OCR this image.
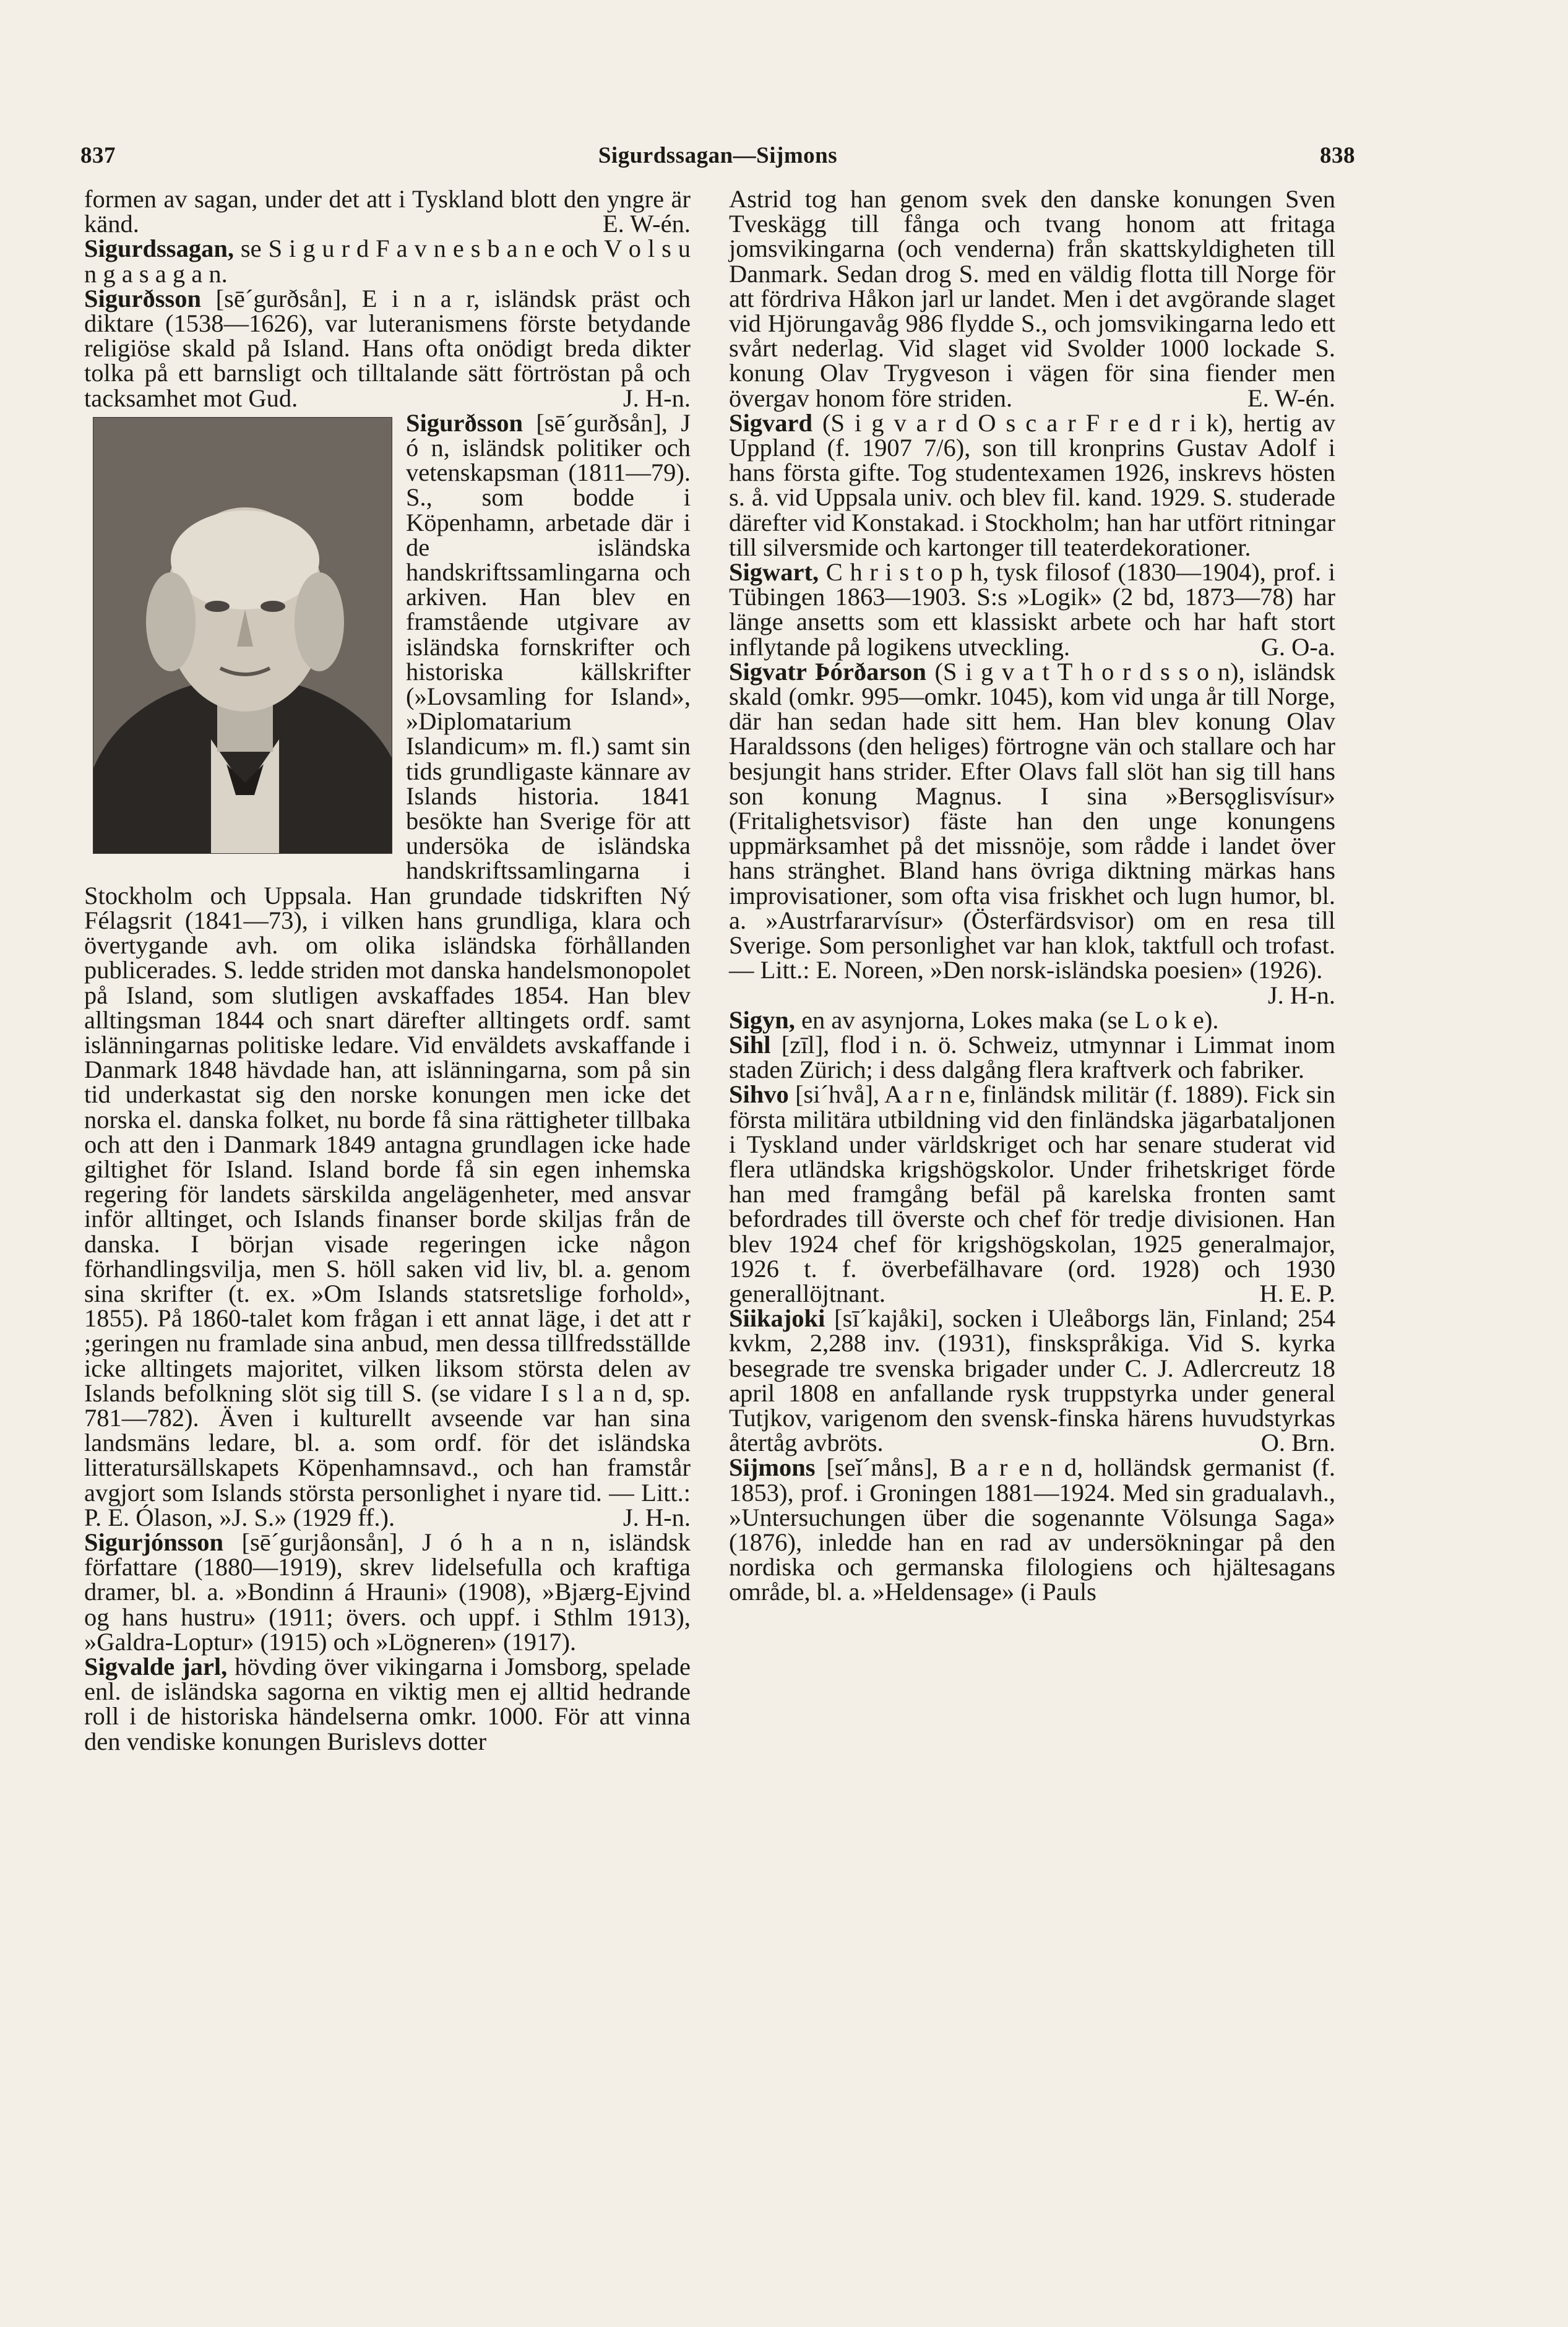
837	Sigurdssagan—Sijmons	838

formen av sagan, under det att i Tyskland blott den yngre är känd.	E. W-én.

Sigurdssagan, se S i g u r d F a v n e s b a n e och V o l s u n g a s a g a n.

Sigurðsson [sē´gurðsån], E i n a r, isländsk präst och diktare (1538—1626), var luteranismens förste betydande religiöse skald på Island. Hans ofta onödigt breda dikter tolka på ett barnsligt och tilltalande sätt förtröstan på och tacksamhet mot Gud.	J. H-n.

Sigurðsson [sē´gurðsån], J ó n, isländsk politiker och vetenskapsman (1811—79). S., som bodde i Köpenhamn, arbetade där i de isländska handskriftssamlingarna och arkiven. Han blev en framstående utgivare av isländska fornskrifter och historiska källskrifter (»Lovsamling for Island», »Diplomatarium Islandicum» m. fl.) samt sin tids grundligaste kännare av Islands historia. 1841 besökte han Sverige för att undersöka de isländska handskriftssamlingarna i Stockholm och Uppsala. Han grundade tidskriften Ný Félagsrit (1841—73), i vilken hans grundliga, klara och övertygande avh. om olika isländska förhållanden publicerades. S. ledde striden mot danska handelsmonopolet på Island, som slutligen avskaffades 1854. Han blev alltingsman 1844 och snart därefter alltingets ordf. samt islänningarnas politiske ledare. Vid enväldets avskaffande i Danmark 1848 hävdade han, att islänningarna, som på sin tid underkastat sig den norske konungen men icke det norska el. danska folket, nu borde få sina rättigheter tillbaka och att den i Danmark 1849 antagna grundlagen icke hade giltighet för Island. Island borde få sin egen inhemska regering för landets särskilda angelägenheter, med ansvar inför alltinget, och Islands finanser borde skiljas från de danska. I början visade regeringen icke någon förhandlingsvilja, men S. höll saken vid liv, bl. a. genom sina skrifter (t. ex. »Om Islands statsretslige forhold», 1855). På 1860-talet kom frågan i ett annat läge, i det att r ;geringen nu framlade sina anbud, men dessa tillfredsställde icke alltingets majoritet, vilken liksom största delen av Islands befolkning slöt sig till S. (se vidare I s l a n d, sp. 781—782). Även i kulturellt avseende var han sina landsmäns ledare, bl. a. som ordf. för det isländska litteratursällskapets Köpenhamnsavd., och han framstår avgjort som Islands största personlighet i nyare tid. — Litt.: P. E. Ólason, »J. S.» (1929 ff.).	J. H-n.

Sigurjónsson [sē´gurjåonsån], J ó h a n n, isländsk författare (1880—1919), skrev lidelsefulla och kraftiga dramer, bl. a. »Bondinn á Hrauni» (1908), »Bjærg-Ejvind og hans hustru» (1911; övers. och uppf. i Sthlm 1913), »Galdra-Loptur» (1915) och »Lögneren» (1917).

Sigvalde jarl, hövding över vikingarna i Jomsborg, spelade enl. de isländska sagorna en viktig men ej alltid hedrande roll i de historiska händelserna omkr. 1000. För att vinna den vendiske konungen Burislevs dotter

Astrid tog han genom svek den danske konungen Sven Tveskägg till fånga och tvang honom att fritaga jomsvikingarna (och venderna) från skattskyldigheten till Danmark. Sedan drog S. med en väldig flotta till Norge för att fördriva Håkon jarl ur landet. Men i det avgörande slaget vid Hjörungavåg 986 flydde S., och jomsvikingarna ledo ett svårt nederlag. Vid slaget vid Svolder 1000 lockade S. konung Olav Trygveson i vägen för sina fiender men övergav honom före striden.	E. W-én.

Sigvard (S i g v a r d O s c a r F r e d r i k), hertig av Uppland (f. 1907 7/6), son till kronprins Gustav Adolf i hans första gifte. Tog studentexamen 1926, inskrevs hösten s. å. vid Uppsala univ. och blev fil. kand. 1929. S. studerade därefter vid Konstakad. i Stockholm; han har utfört ritningar till silversmide och kartonger till teaterdekorationer.

Sigwart, C h r i s t o p h, tysk filosof (1830—1904), prof. i Tübingen 1863—1903. S:s »Logik» (2 bd, 1873—78) har länge ansetts som ett klassiskt arbete och har haft stort inflytande på logikens utveckling.	G. O-a.

Sigvatr Þórðarson (S i g v a t T h o r d s s o n), isländsk skald (omkr. 995—omkr. 1045), kom vid unga år till Norge, där han sedan hade sitt hem. Han blev konung Olav Haraldssons (den heliges) förtrogne vän och stallare och har besjungit hans strider. Efter Olavs fall slöt han sig till hans son konung Magnus. I sina »Bersǫglisvísur» (Fritalighetsvisor) fäste han den unge konungens uppmärksamhet på det missnöje, som rådde i landet över hans stränghet. Bland hans övriga diktning märkas hans improvisationer, som ofta visa friskhet och lugn humor, bl. a. »Austrfararvísur» (Österfärdsvisor) om en resa till Sverige. Som personlighet var han klok, taktfull och trofast. — Litt.: E. Noreen, »Den norsk-isländska poesien» (1926).
J. H-n.

Sigyn, en av asynjorna, Lokes maka (se L o k e).

Sihl [zīl], flod i n. ö. Schweiz, utmynnar i Limmat inom staden Zürich; i dess dalgång flera kraftverk och fabriker.

Sihvo [si´hvå], A a r n e, finländsk militär (f. 1889). Fick sin första militära utbildning vid den finländska jägarbataljonen i Tyskland under världskriget och har senare studerat vid flera utländska krigshögskolor. Under frihetskriget förde han med framgång befäl på karelska fronten samt befordrades till överste och chef för tredje divisionen. Han blev 1924 chef för krigshögskolan, 1925 generalmajor, 1926 t. f. överbefälhavare (ord. 1928) och 1930 generallöjtnant.	H. E. P.

Siikajoki [sī´kajåki], socken i Uleåborgs län, Finland; 254 kvkm, 2,288 inv. (1931), finskspråkiga. Vid S. kyrka besegrade tre svenska brigader under C. J. Adlercreutz 18 april 1808 en anfallande rysk truppstyrka under general Tutjkov, varigenom den svensk-finska härens huvudstyrkas återtåg avbröts.	O. Brn.

Sijmons [seĭ´måns], B a r e n d, holländsk germanist (f. 1853), prof. i Groningen 1881—1924. Med sin gradualavh., »Untersuchungen über die sogenannte Völsunga Saga» (1876), inledde han en rad av undersökningar på den nordiska och germanska filologiens och hjältesagans område, bl. a. »Heldensage» (i Pauls
